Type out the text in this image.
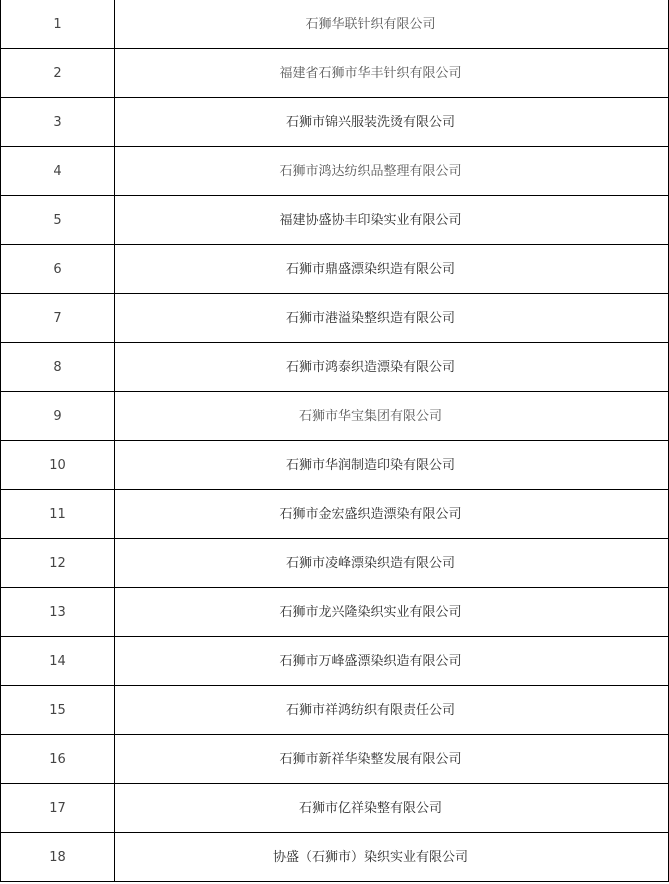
1	石狮华联针织有限公司
2	福建省石狮市华丰针织有限公司
3	石狮市锦兴服装洗烫有限公司
4	石狮市鸿达纺织品整理有限公司
5	福建协盛协丰印染实业有限公司
6	石狮市鼎盛漂染织造有限公司
7	石狮市港溢染整织造有限公司
8	石狮市鸿泰织造漂染有限公司
9	石狮市华宝集团有限公司
10	石狮市华润制造印染有限公司
11	石狮市金宏盛织造漂染有限公司
12	石狮市凌峰漂染织造有限公司
13	石狮市龙兴隆染织实业有限公司
14	石狮市万峰盛漂染织造有限公司
15	石狮市祥鸿纺织有限责任公司
16	石狮市新祥华染整发展有限公司
17	石狮市亿祥染整有限公司
18	协盛（石狮市）染织实业有限公司
